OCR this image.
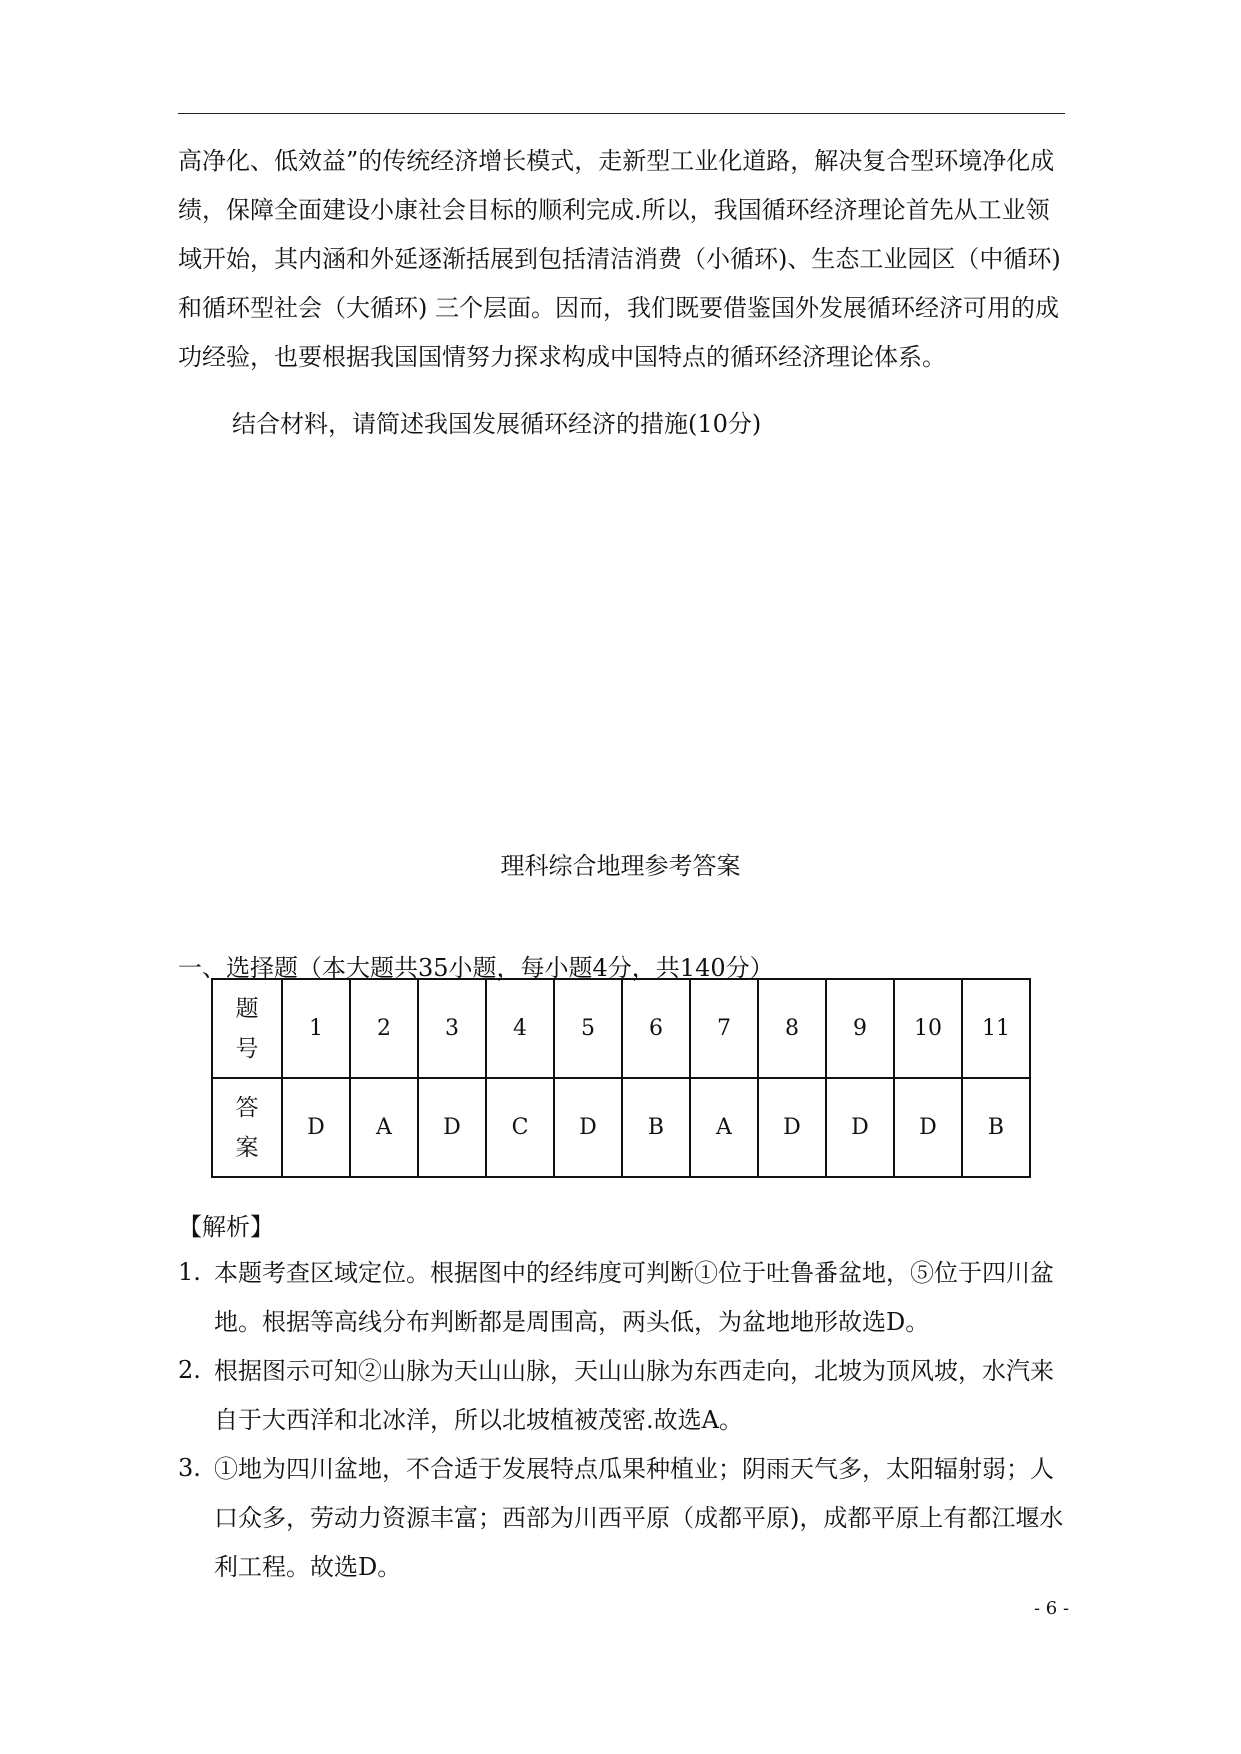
高净化、低效益”的传统经济增长模式，走新型工业化道路，解决复合型环境净化成
绩，保障全面建设小康社会目标的顺利完成.所以，我国循环经济理论首先从工业领
域开始，其内涵和外延逐渐括展到包括清洁消费（小循环)、生态工业园区（中循环)
和循环型社会（大循环) 三个层面。因而，我们既要借鉴国外发展循环经济可用的成
功经验，也要根据我国国情努力探求构成中国特点的循环经济理论体系。
结合材料，请简述我国发展循环经济的措施(10分)
理科综合地理参考答案
一、选择题（本大题共35小题，每小题4分，共140分）
题
号	1	2	3	4	5	6	7	8	9	10	11

答
案	D	A	D	C	D	B	A	D	D	D	B
【解析】
1. 本题考查区域定位。根据图中的经纬度可判断①位于吐鲁番盆地，⑤位于四川盆
地。根据等高线分布判断都是周围高，两头低，为盆地地形故选D。
2. 根据图示可知②山脉为天山山脉，天山山脉为东西走向，北坡为顶风坡，水汽来
自于大西洋和北冰洋，所以北坡植被茂密.故选A。
3. ①地为四川盆地，不合适于发展特点瓜果种植业；阴雨天气多，太阳辐射弱；人
口众多，劳动力资源丰富；西部为川西平原（成都平原)，成都平原上有都江堰水
利工程。故选D。
- 6 -
